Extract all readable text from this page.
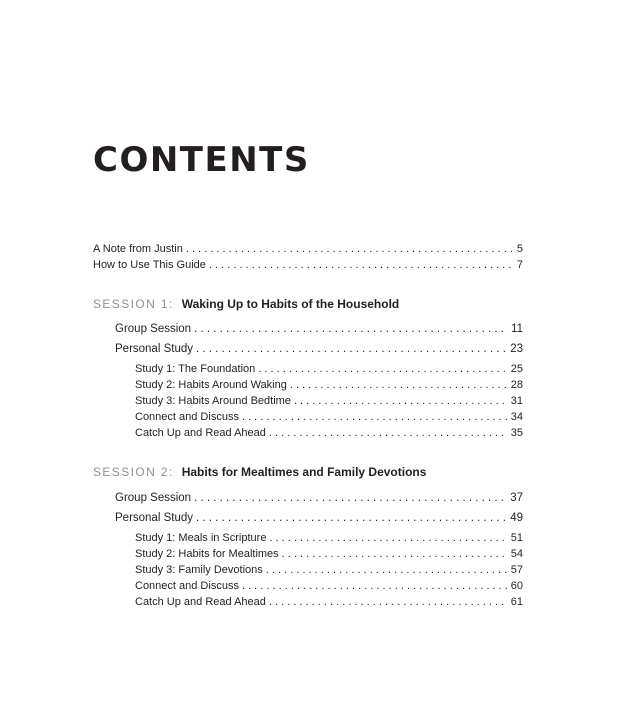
CONTENTS
A Note from Justin . . .	5
How to Use This Guide . . .	7
SESSION 1: Waking Up to Habits of the Household
Group Session . . .	11
Personal Study . . .	23
Study 1: The Foundation . . .	25
Study 2: Habits Around Waking . . .	28
Study 3: Habits Around Bedtime . . .	31
Connect and Discuss . . .	34
Catch Up and Read Ahead . . .	35
SESSION 2: Habits for Mealtimes and Family Devotions
Group Session . . .	37
Personal Study . . .	49
Study 1: Meals in Scripture . . .	51
Study 2: Habits for Mealtimes . . .	54
Study 3: Family Devotions . . .	57
Connect and Discuss . . .	60
Catch Up and Read Ahead . . .	61
